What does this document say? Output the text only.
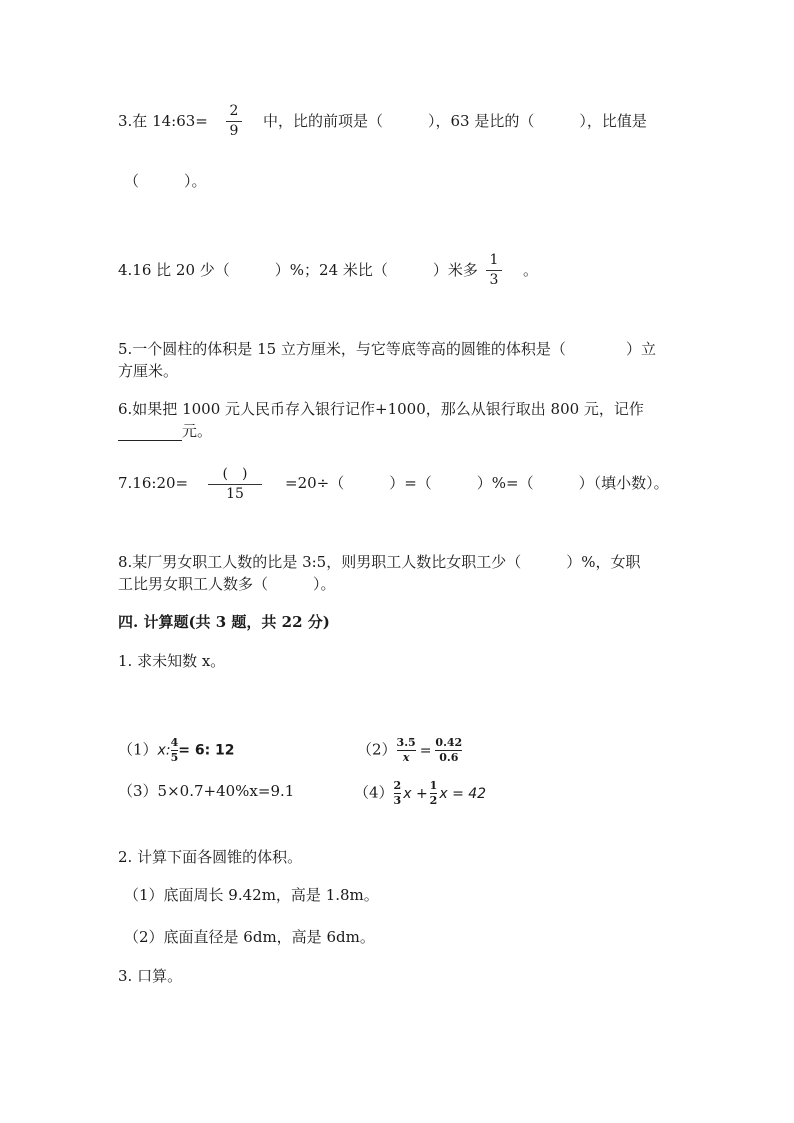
3.在 14:63=
2
9
中，比的前项是（　　　），63 是比的（　　　），比值是
（　　　）。
4.16 比 20 少（　　　）%；24 米比（　　　）米多
1
3
。
5.一个圆柱的体积是 15 立方厘米，与它等底等高的圆锥的体积是（　　　　）立
方厘米。
6.如果把 1000 元人民币存入银行记作+1000，那么从银行取出 800 元，记作
元。
7.16:20=	(　)
15
=20÷（　　　）=（　　　）%=（　　　）（填小数）。
8.某厂男女职工人数的比是 3:5，则男职工人数比女职工少（　　　）%，女职
工比男女职工人数多（　　　）。
四. 计算题(共 3 题，共 22 分)
1. 求未知数 x。
$(1)x:\frac{4}{5}= 6$: 12	$(2)\frac{3.5}{x} = \frac{0.42}{0.6}$
（3）5×0.7+40%x=9.1	$(4)\frac{2}{3}$ $x + \frac{1}{2}$ x = 42
2. 计算下面各圆锥的体积。
（1）底面周长 9.42m，高是 1.8m。
（2）底面直径是 6dm，高是 6dm。
3. 口算。
